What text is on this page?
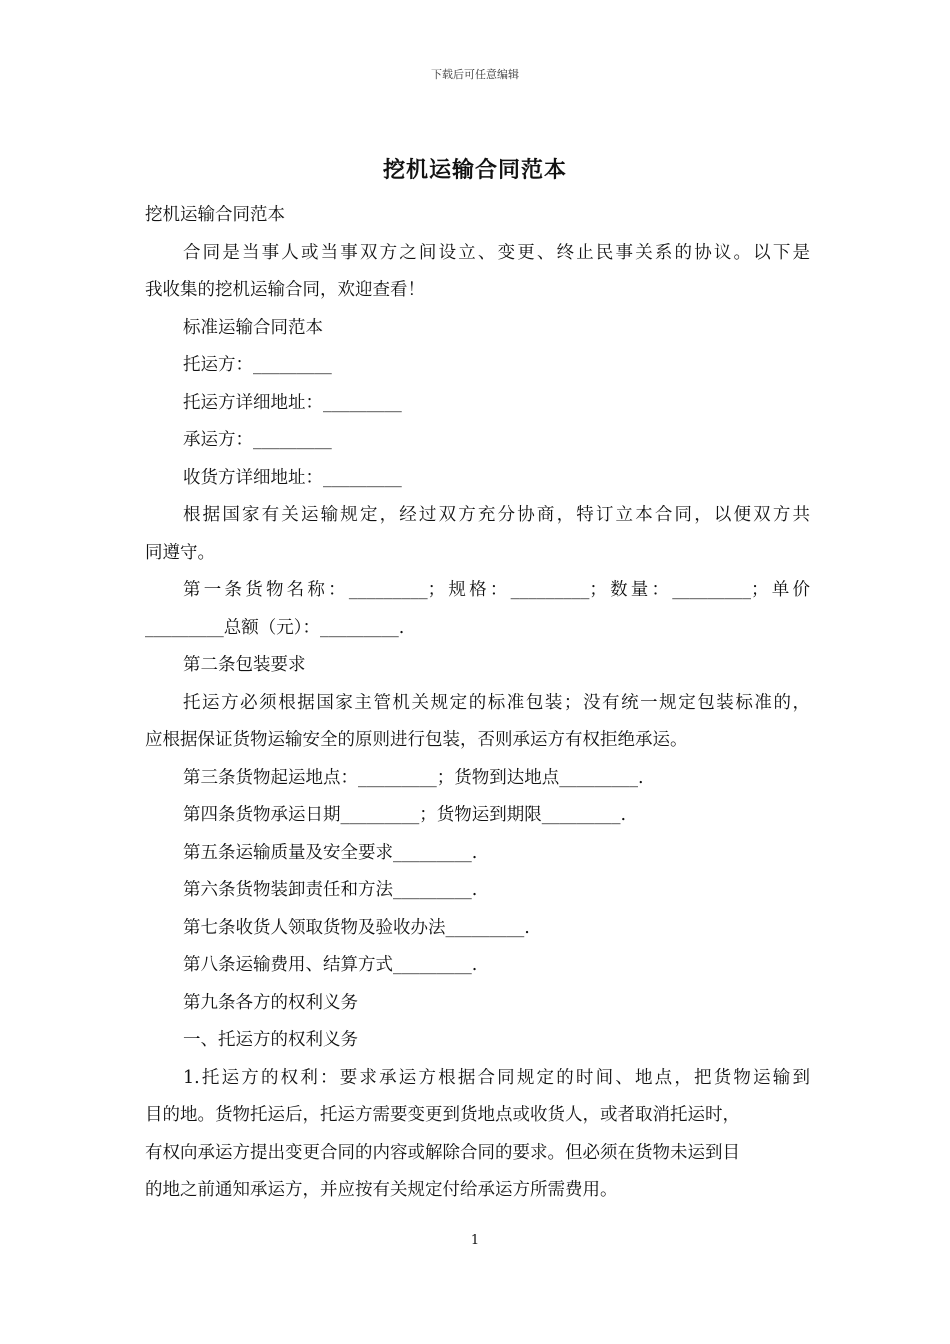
下载后可任意编辑
挖机运输合同范本
挖机运输合同范本
合同是当事人或当事双方之间设立、变更、终止民事关系的协议。以下是
我收集的挖机运输合同，欢迎查看！
标准运输合同范本
托运方：_________
托运方详细地址：_________
承运方：_________
收货方详细地址：_________
根据国家有关运输规定，经过双方充分协商，特订立本合同，以便双方共
同遵守。
第一条货物名称：_________；规格：_________；数量：_________；单价
_________总额（元）：_________.
第二条包装要求
托运方必须根据国家主管机关规定的标准包装；没有统一规定包装标准的，
应根据保证货物运输安全的原则进行包装，否则承运方有权拒绝承运。
第三条货物起运地点：_________；货物到达地点_________.
第四条货物承运日期_________；货物运到期限_________.
第五条运输质量及安全要求_________.
第六条货物装卸责任和方法_________.
第七条收货人领取货物及验收办法_________.
第八条运输费用、结算方式_________.
第九条各方的权利义务
一、托运方的权利义务
1.托运方的权利：要求承运方根据合同规定的时间、地点，把货物运输到
目的地。货物托运后，托运方需要变更到货地点或收货人，或者取消托运时，
有权向承运方提出变更合同的内容或解除合同的要求。但必须在货物未运到目
的地之前通知承运方，并应按有关规定付给承运方所需费用。
1
